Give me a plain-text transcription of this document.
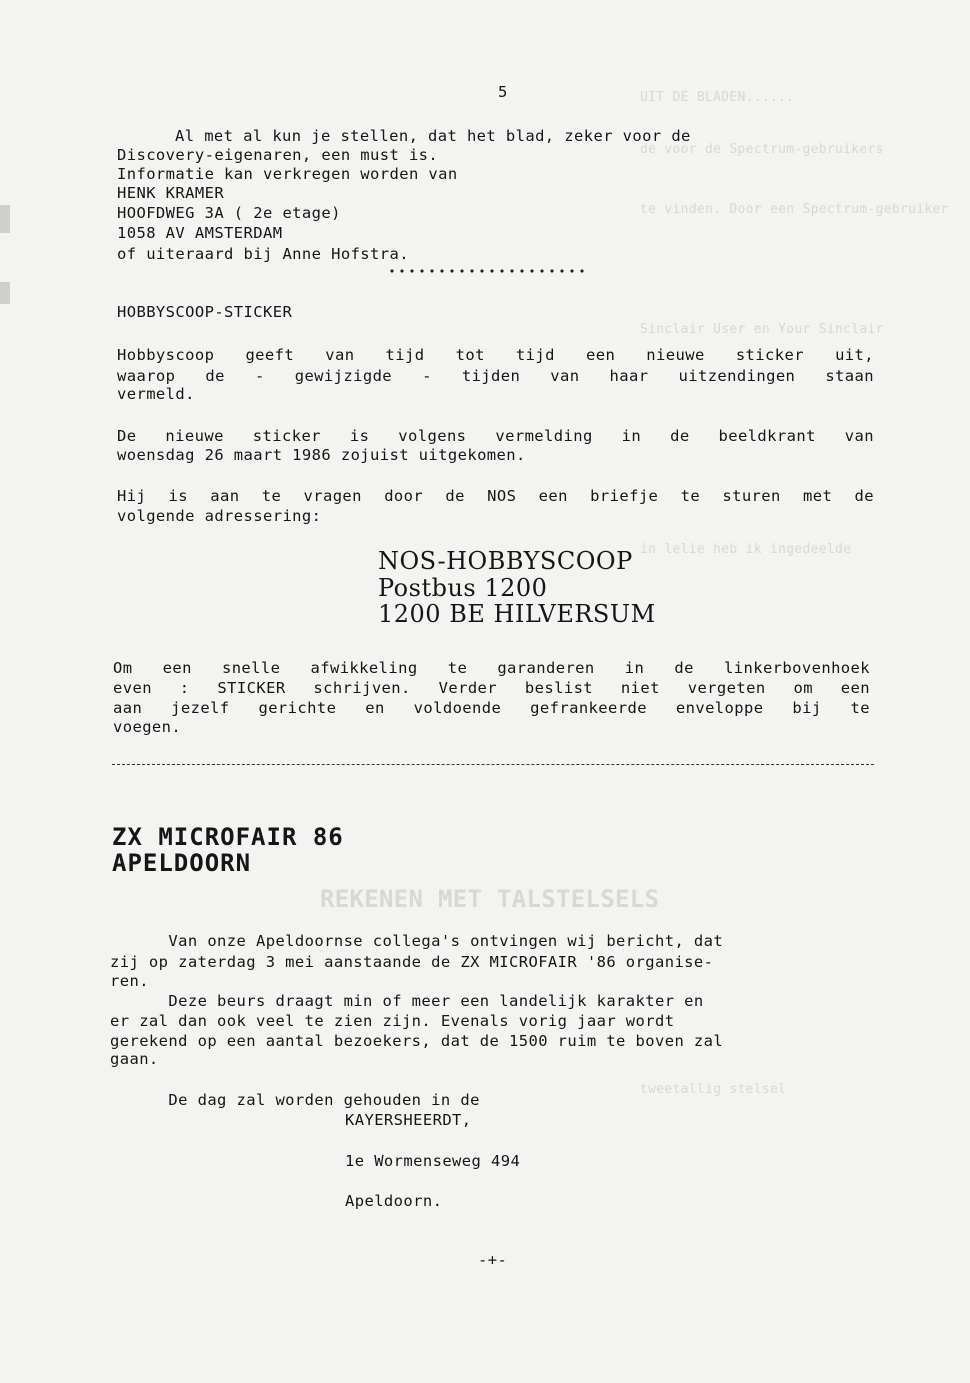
UIT DE BLADEN......
de voor de Spectrum-gebruikers
te vinden. Door een Spectrum-gebruiker
Sinclair User en Your Sinclair
in lelie heb ik ingedeelde
REKENEN MET TALSTELSELS
tweetallig stelsel
5
Al met al kun je stellen, dat het blad, zeker voor de
Discovery-eigenaren, een must is.
Informatie kan verkregen worden van
HENK KRAMER
HOOFDWEG 3A ( 2e etage)
1058 AV AMSTERDAM
of uiteraard bij Anne Hofstra.
HOBBYSCOOP-STICKER
Hobbyscoop geeft van tijd tot tijd een nieuwe sticker uit,
waarop de - gewijzigde - tijden van haar uitzendingen staan
vermeld.
De nieuwe sticker is volgens vermelding in de beeldkrant van
woensdag 26 maart 1986 zojuist uitgekomen.
Hij is aan te vragen door de NOS een briefje te sturen met de
volgende adressering:
NOS-HOBBYSCOOP
Postbus 1200
1200 BE HILVERSUM
Om een snelle afwikkeling te garanderen in de linkerbovenhoek
even : STICKER schrijven. Verder beslist niet vergeten om een
aan jezelf gerichte en voldoende gefrankeerde enveloppe bij te
voegen.
ZX MICROFAIR 86
APELDOORN
Van onze Apeldoornse collega's ontvingen wij bericht, dat
zij op zaterdag 3 mei aanstaande de ZX MICROFAIR '86 organise-
ren.
Deze beurs draagt min of meer een landelijk karakter en
er zal dan ook veel te zien zijn. Evenals vorig jaar wordt
gerekend op een aantal bezoekers, dat de 1500 ruim te boven zal
gaan.
De dag zal worden gehouden in de
KAYERSHEERDT,
1e Wormenseweg 494
Apeldoorn.
-+-
